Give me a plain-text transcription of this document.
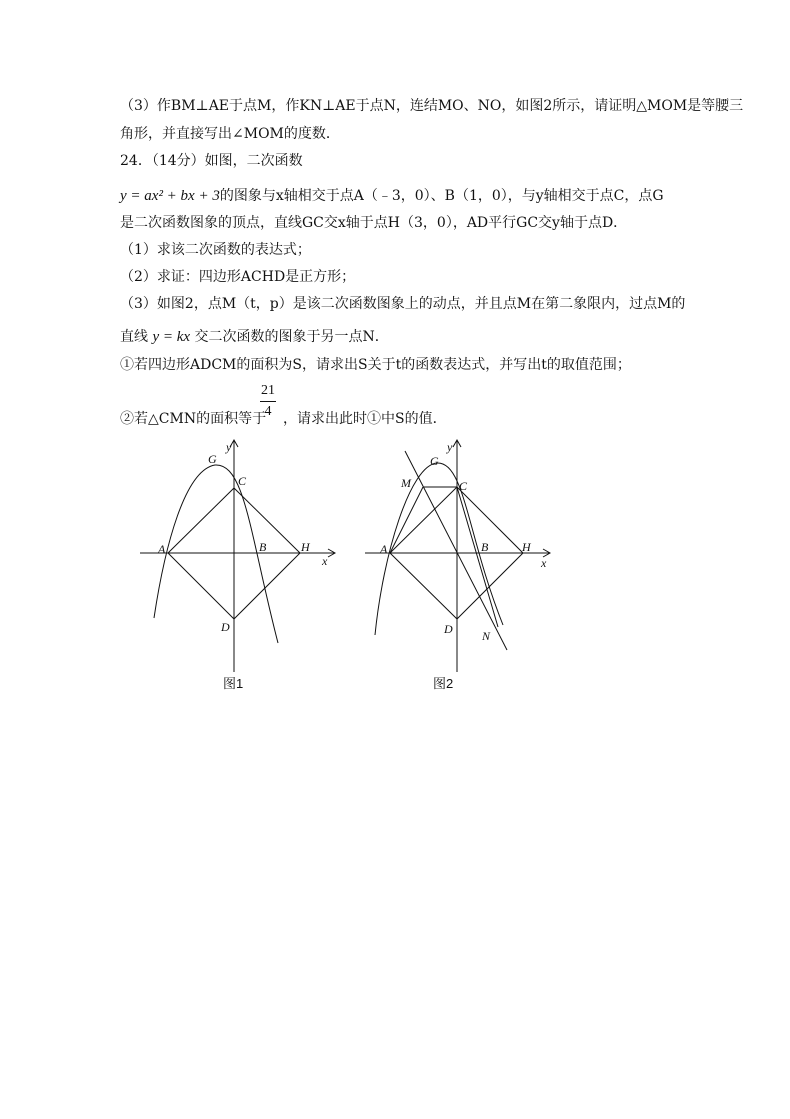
（3）作BM⊥AE于点M，作KN⊥AE于点N，连结MO、NO，如图2所示，请证明△MOM是等腰三
角形，并直接写出∠MOM的度数．
24．（14分）如图，二次函数
y = ax² + bx + 3的图象与x轴相交于点A（﹣3，0）、B（1，0），与y轴相交于点C，点G
是二次函数图象的顶点，直线GC交x轴于点H（3，0），AD平行GC交y轴于点D．
（1）求该二次函数的表达式；
（2）求证：四边形ACHD是正方形；
（3）如图2，点M（t，p）是该二次函数图象上的动点，并且点M在第二象限内，过点M的
直线 y = kx 交二次函数的图象于另一点N．
①若四边形ADCM的面积为S，请求出S关于t的函数表达式，并写出t的取值范围；
②若△CMN的面积等于
21
4 ，请求出此时①中S的值．
G
y
C
A	B	H
x
D
图1
G
y
M	C
A	B	H
x
D N
图2
